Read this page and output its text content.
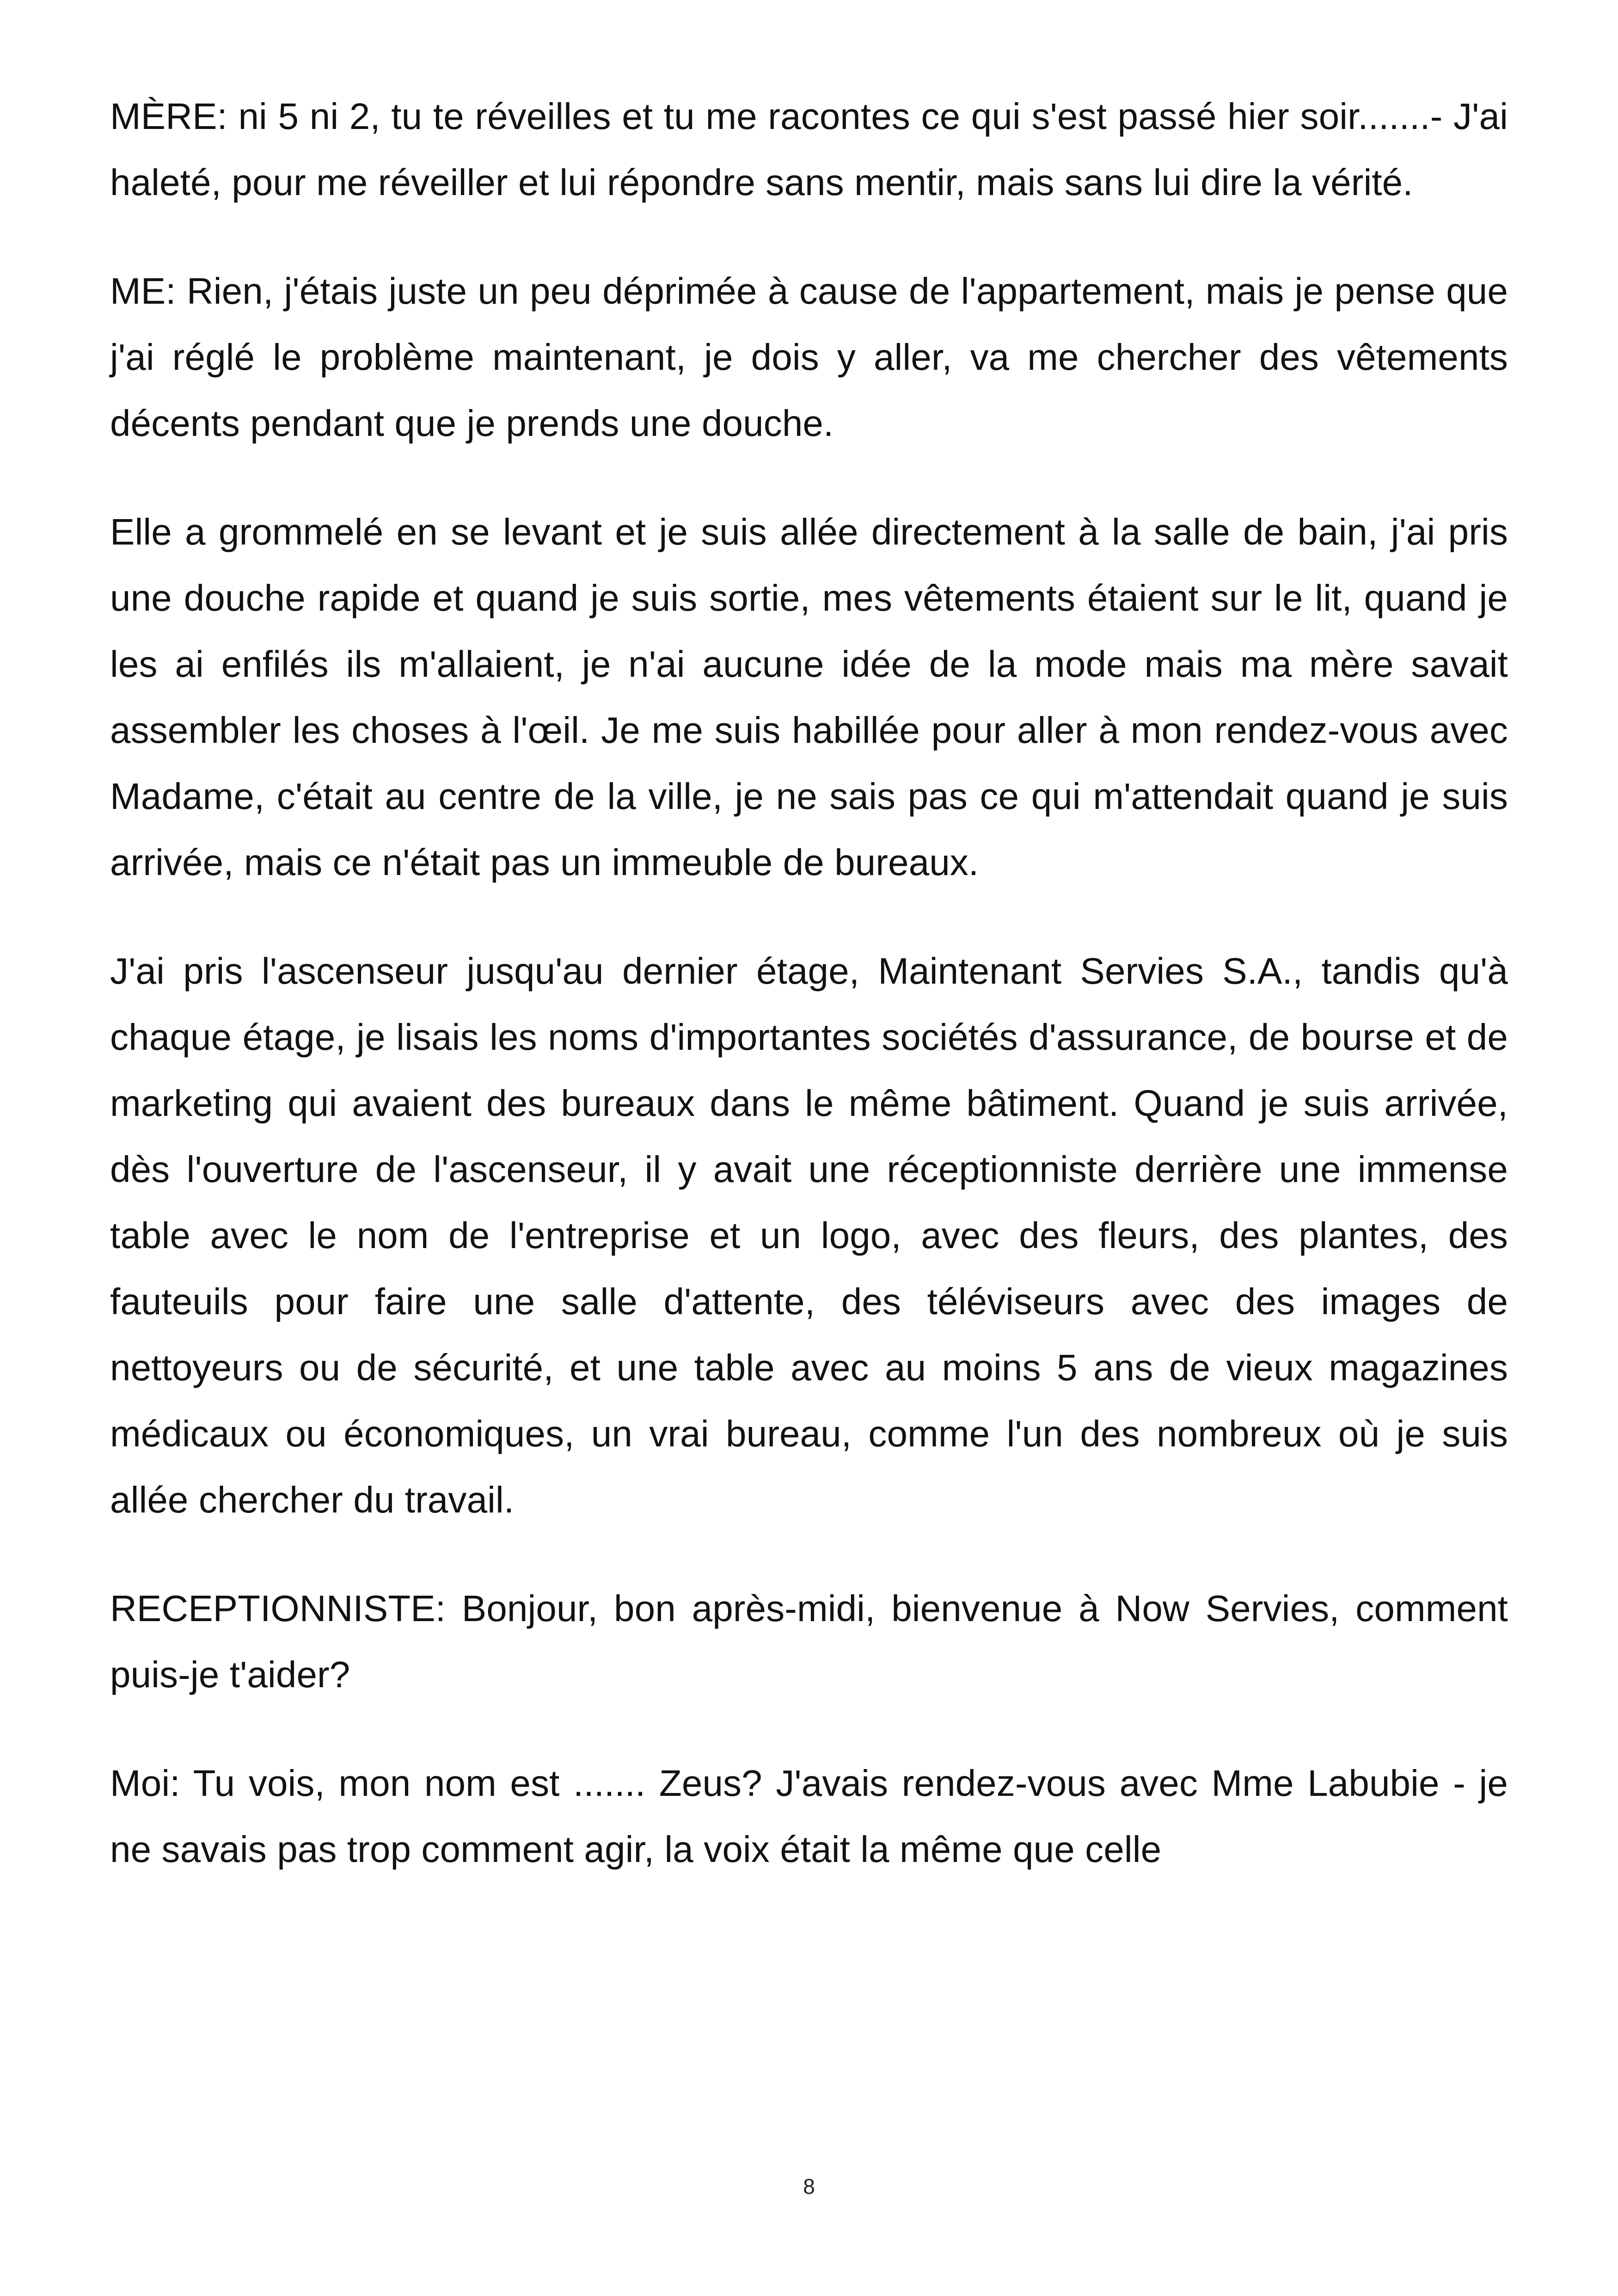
MÈRE: ni 5 ni 2, tu te réveilles et tu me racontes ce qui s'est passé hier soir.......- J'ai haleté, pour me réveiller et lui répondre sans mentir, mais sans lui dire la vérité.

ME: Rien, j'étais juste un peu déprimée à cause de l'appartement, mais je pense que j'ai réglé le problème maintenant, je dois y aller, va me chercher des vêtements décents pendant que je prends une douche.

Elle a grommelé en se levant et je suis allée directement à la salle de bain, j'ai pris une douche rapide et quand je suis sortie, mes vêtements étaient sur le lit, quand je les ai enfilés ils m'allaient, je n'ai aucune idée de la mode mais ma mère savait assembler les choses à l'œil. Je me suis habillée pour aller à mon rendez-vous avec Madame, c'était au centre de la ville, je ne sais pas ce qui m'attendait quand je suis arrivée, mais ce n'était pas un immeuble de bureaux.

J'ai pris l'ascenseur jusqu'au dernier étage, Maintenant Servies S.A., tandis qu'à chaque étage, je lisais les noms d'importantes sociétés d'assurance, de bourse et de marketing qui avaient des bureaux dans le même bâtiment. Quand je suis arrivée, dès l'ouverture de l'ascenseur, il y avait une réceptionniste derrière une immense table avec le nom de l'entreprise et un logo, avec des fleurs, des plantes, des fauteuils pour faire une salle d'attente, des téléviseurs avec des images de nettoyeurs ou de sécurité, et une table avec au moins 5 ans de vieux magazines médicaux ou économiques, un vrai bureau, comme l'un des nombreux où je suis allée chercher du travail.

RECEPTIONNISTE: Bonjour, bon après-midi, bienvenue à Now Servies, comment puis-je t'aider?

Moi: Tu vois, mon nom est ....... Zeus? J'avais rendez-vous avec Mme Labubie - je ne savais pas trop comment agir, la voix était la même que celle

8
